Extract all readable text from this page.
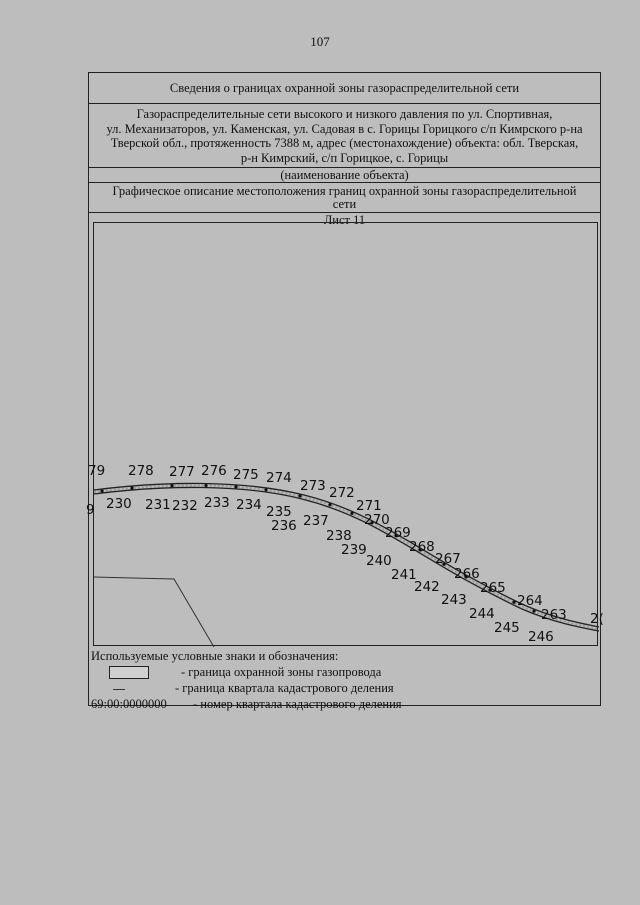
107
Сведения о границах охранной зоны газораспределительной сети
Газораспределительные сети высокого и низкого давления по ул. Спортивная,
ул. Механизаторов, ул. Каменская, ул. Садовая в с. Горицы Горицкого с/п Кимрского р-на
Тверской обл., протяженность 7388 м, адрес (местонахождение) объекта: обл. Тверская,
р-н Кимрский, с/п Горицкое, с. Горицы
(наименование объекта)
Графическое описание местоположения границ охранной зоны газораспределительной
сети
Лист 11
79 278 277 276 275 274 273 272
271
270
269
268
267
266
265
264
263 2(
9 230 231 232 233 234 235
236 237
238
239
240
241
242
243
244
245
246
Используемые условные знаки и обозначения:
- граница охранной зоны газопровода
- граница квартала кадастрового деления
69:00:0000000 - номер квартала кадастрового деления
